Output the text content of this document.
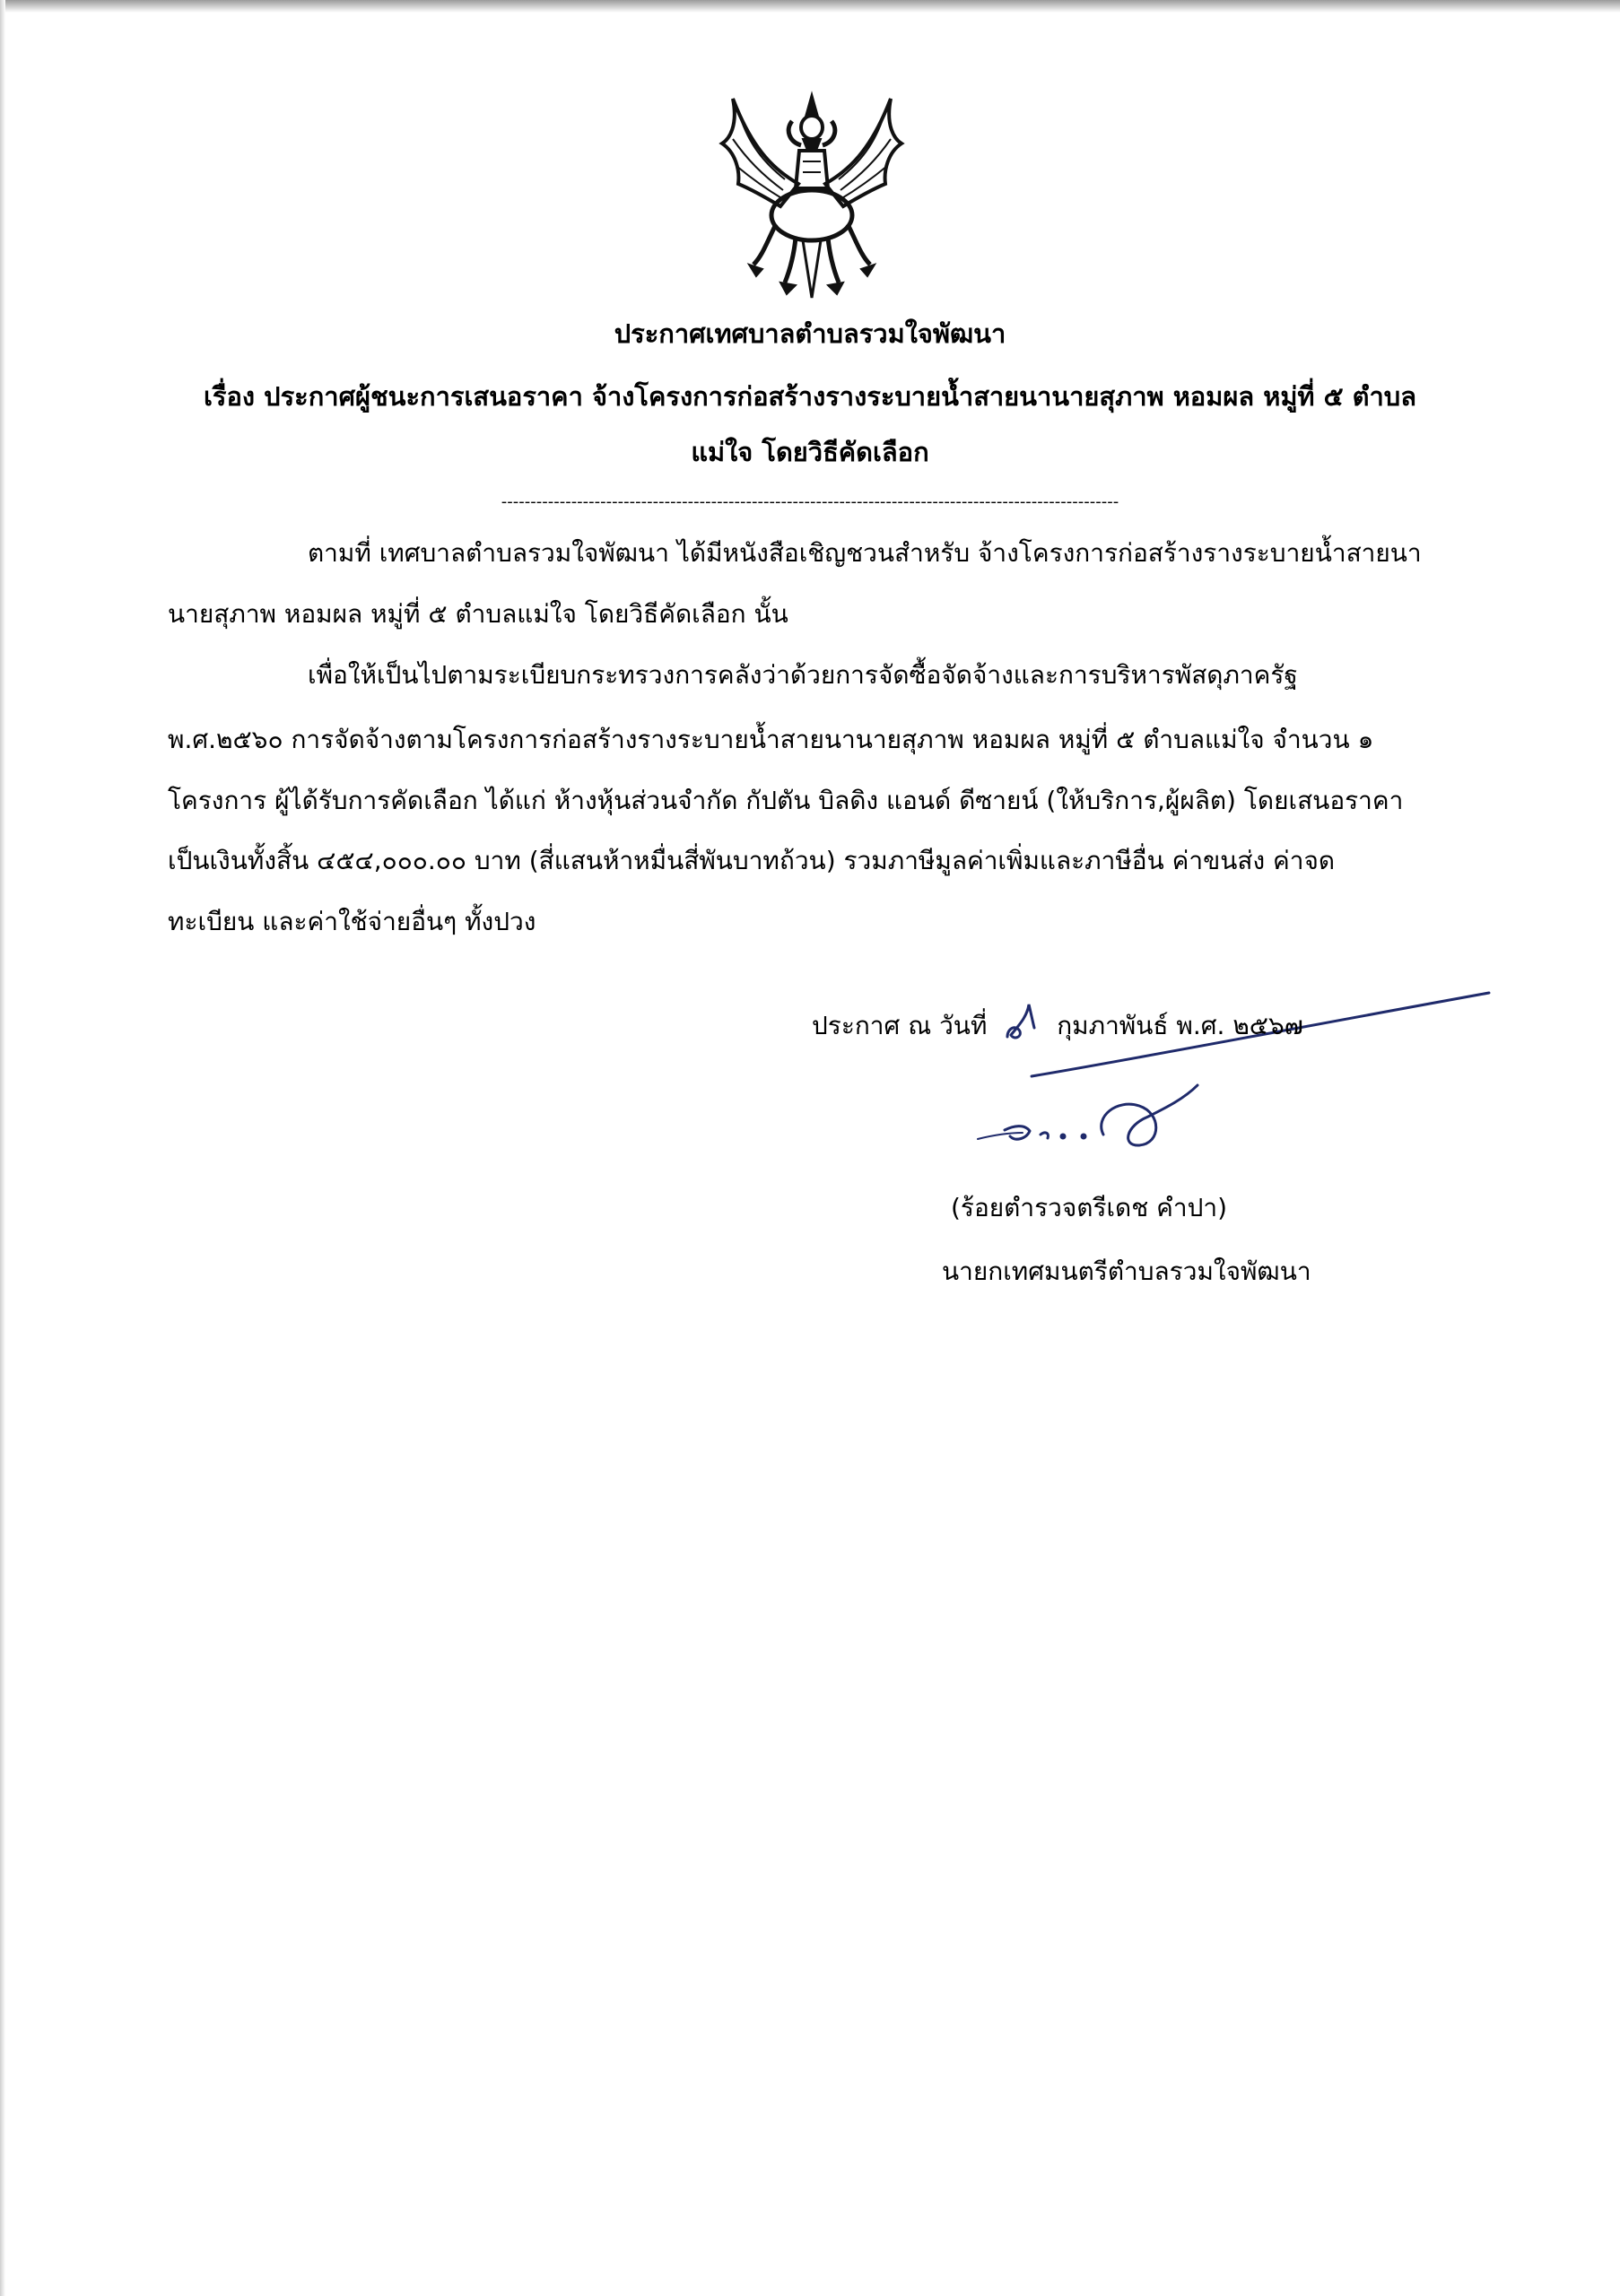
ประกาศเทศบาลตำบลรวมใจพัฒนา
เรื่อง ประกาศผู้ชนะการเสนอราคา จ้างโครงการก่อสร้างรางระบายน้ำสายนานายสุภาพ หอมผล หมู่ที่ ๕ ตำบล
แม่ใจ โดยวิธีคัดเลือก
----------------------------------------------------------------------------------------------------------
ตามที่ เทศบาลตำบลรวมใจพัฒนา ได้มีหนังสือเชิญชวนสำหรับ จ้างโครงการก่อสร้างรางระบายน้ำสายนา
นายสุภาพ หอมผล หมู่ที่ ๕ ตำบลแม่ใจ โดยวิธีคัดเลือก นั้น
เพื่อให้เป็นไปตามระเบียบกระทรวงการคลังว่าด้วยการจัดซื้อจัดจ้างและการบริหารพัสดุภาครัฐ
พ.ศ.๒๕๖๐ การจัดจ้างตามโครงการก่อสร้างรางระบายน้ำสายนานายสุภาพ หอมผล หมู่ที่ ๕ ตำบลแม่ใจ จำนวน ๑
โครงการ ผู้ได้รับการคัดเลือก ได้แก่ ห้างหุ้นส่วนจำกัด กัปตัน บิลดิง แอนด์ ดีซายน์ (ให้บริการ,ผู้ผลิต) โดยเสนอราคา
เป็นเงินทั้งสิ้น ๔๕๔,๐๐๐.๐๐ บาท (สี่แสนห้าหมื่นสี่พันบาทถ้วน) รวมภาษีมูลค่าเพิ่มและภาษีอื่น ค่าขนส่ง ค่าจด
ทะเบียน และค่าใช้จ่ายอื่นๆ ทั้งปวง
ประกาศ ณ วันที่	กุมภาพันธ์ พ.ศ. ๒๕๖๗
(ร้อยตำรวจตรีเดช คำปา)
นายกเทศมนตรีตำบลรวมใจพัฒนา
